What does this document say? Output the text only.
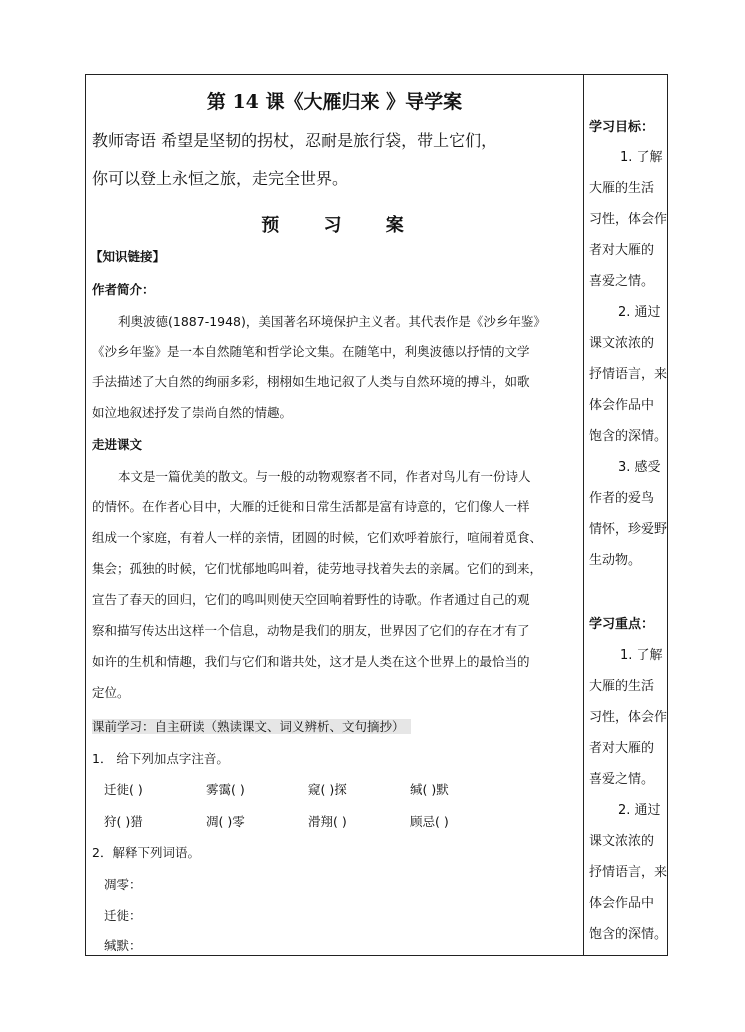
第 14 课《大雁归来 》导学案
教师寄语 希望是坚韧的拐杖，忍耐是旅行袋，带上它们，
你可以登上永恒之旅，走完全世界。
预 习 案
【知识链接】
作者简介：
利奥波德(1887-1948)，美国著名环境保护主义者。其代表作是《沙乡年鉴》
《沙乡年鉴》是一本自然随笔和哲学论文集。在随笔中，利奥波德以抒情的文学
手法描述了大自然的绚丽多彩，栩栩如生地记叙了人类与自然环境的搏斗，如歌
如泣地叙述抒发了崇尚自然的情趣。
走进课文
本文是一篇优美的散文。与一般的动物观察者不同，作者对鸟儿有一份诗人
的情怀。在作者心目中，大雁的迁徙和日常生活都是富有诗意的，它们像人一样
组成一个家庭，有着人一样的亲情，团圆的时候，它们欢呼着旅行，喧闹着觅食、
集会；孤独的时候，它们忧郁地呜叫着，徒劳地寻找着失去的亲属。它们的到来，
宣告了春天的回归，它们的鸣叫则使天空回响着野性的诗歌。作者通过自己的观
察和描写传达出这样一个信息，动物是我们的朋友，世界因了它们的存在才有了
如许的生机和情趣，我们与它们和谐共处，这才是人类在这个世界上的最恰当的
定位。
课前学习：自主研读（熟读课文、词义辨析、文句摘抄）
1． 给下列加点字注音。
迁徙( )	雾霭( )	窥( )探	缄( )默
狩( )猎	凋( )零	滑翔( )	顾忌( )
2．解释下列词语。
凋零：
迁徙：
缄默：
学习目标：
1. 了解
大雁的生活
习性，体会作
者对大雁的
喜爱之情。
2. 通过
课文浓浓的
抒情语言，来
体会作品中
饱含的深情。
3. 感受
作者的爱鸟
情怀，珍爱野
生动物。
学习重点：
1. 了解
大雁的生活
习性，体会作
者对大雁的
喜爱之情。
2. 通过
课文浓浓的
抒情语言，来
体会作品中
饱含的深情。
